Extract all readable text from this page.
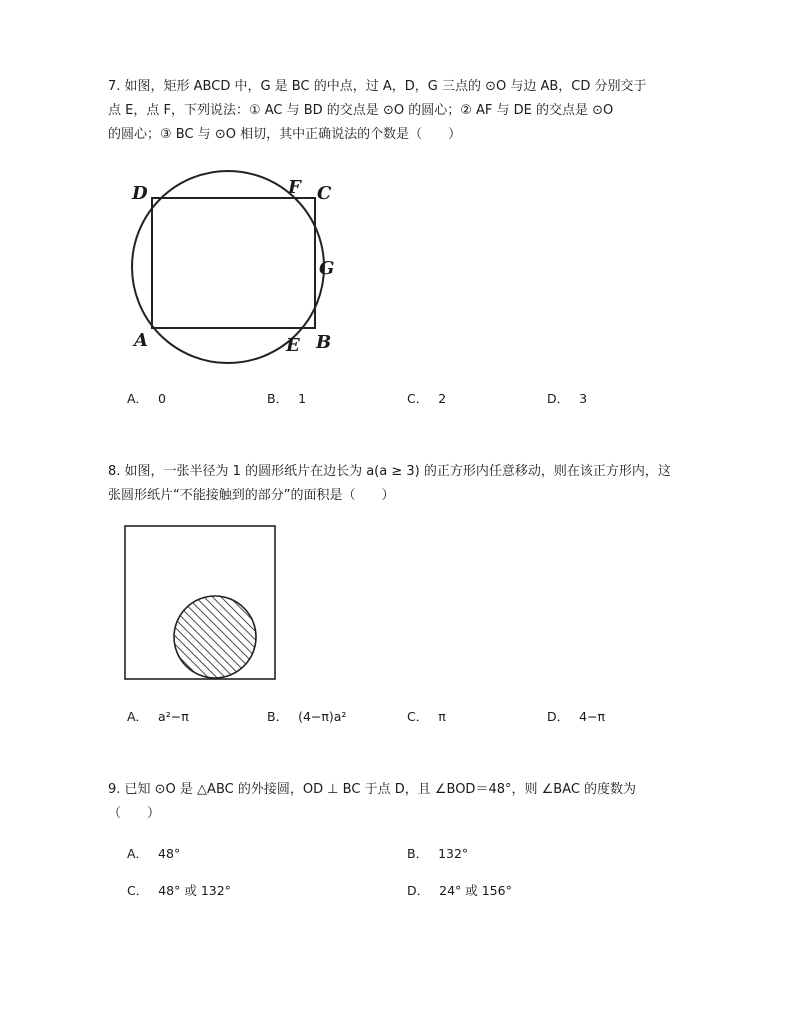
7. 如图，矩形 ABCD 中，G 是 BC 的中点，过 A，D，G 三点的 ⊙O 与边 AB，CD 分别交于
点 E，点 F，下列说法：① AC 与 BD 的交点是 ⊙O 的圆心；② AF 与 DE 的交点是 ⊙O
的圆心；③ BC 与 ⊙O 相切，其中正确说法的个数是（　　）
D	F C
G
A	E B
A． 0	B． 1	C． 2	D． 3
8. 如图，一张半径为 1 的圆形纸片在边长为 a(a ≥ 3) 的正方形内任意移动，则在该正方形内，这
张圆形纸片“不能接触到的部分”的面积是（　　）
A． a²−π	B． (4−π)a²	C． π	D． 4−π
9. 已知 ⊙O 是 △ABC 的外接圆，OD ⊥ BC 于点 D，且 ∠BOD＝48°，则 ∠BAC 的度数为
（　　）
A． 48°	B． 132°
C． 48° 或 132°	D． 24° 或 156°
